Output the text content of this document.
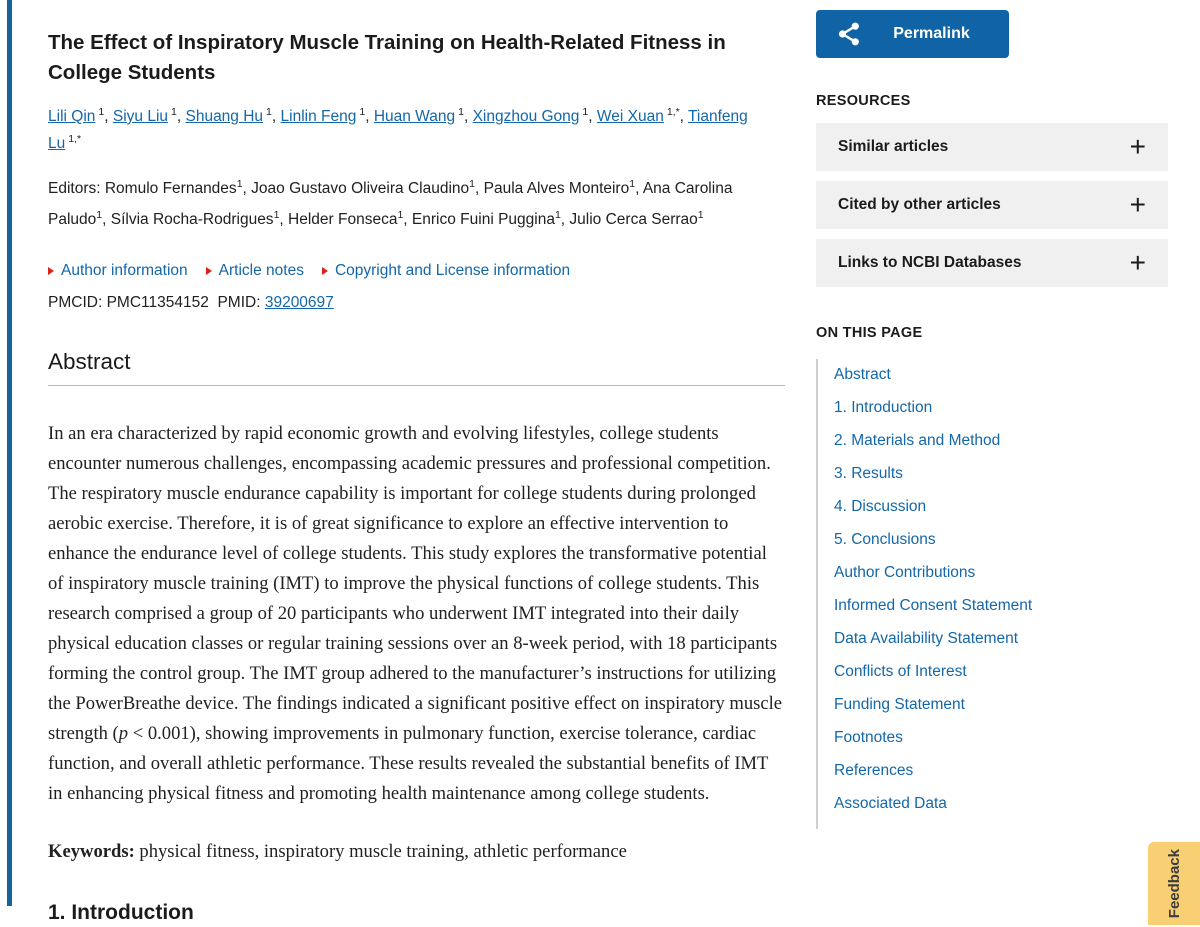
The Effect of Inspiratory Muscle Training on Health-Related Fitness in College Students
Lili Qin $^1$, Siyu Liu $^1$, Shuang Hu $^1$, Linlin Feng $^1$, Huan Wang $^1$, Xingzhou Gong $^1$, Wei Xuan $^{1,*}$, Tianfeng Lu $^{1,*}$

Editors: Romulo Fernandes$^1$, Joao Gustavo Oliveira Claudino$^1$, Paula Alves Monteiro$^1$, Ana Carolina Paludo$^1$, Sílvia Rocha-Rodrigues$^1$, Helder Fonseca$^1$, Enrico Fuini Puggina$^1$, Julio Cerca Serrao$^1$

Author information Article notes Copyright and License information

PMCID: PMC11354152 PMID: 39200697

Abstract

In an era characterized by rapid economic growth and evolving lifestyles, college students encounter numerous challenges, encompassing academic pressures and professional competition. The respiratory muscle endurance capability is important for college students during prolonged aerobic exercise. Therefore, it is of great significance to explore an effective intervention to enhance the endurance level of college students. This study explores the transformative potential of inspiratory muscle training (IMT) to improve the physical functions of college students. This research comprised a group of 20 participants who underwent IMT integrated into their daily physical education classes or regular training sessions over an 8-week period, with 18 participants forming the control group. The IMT group adhered to the manufacturer’s instructions for utilizing the PowerBreathe device. The findings indicated a significant positive effect on inspiratory muscle strength (p < 0.001), showing improvements in pulmonary function, exercise tolerance, cardiac function, and overall athletic performance. These results revealed the substantial benefits of IMT in enhancing physical fitness and promoting health maintenance among college students.

Keywords: physical fitness, inspiratory muscle training, athletic performance

1. Introduction
Permalink
RESOURCES
Similar articles	+
Cited by other articles	+
Links to NCBI Databases	+
ON THIS PAGE
Abstract
1. Introduction
2. Materials and Method
3. Results
4. Discussion
5. Conclusions
Author Contributions
Informed Consent Statement
Data Availability Statement
Conflicts of Interest
Funding Statement
Footnotes
References
Associated Data
Feedback
